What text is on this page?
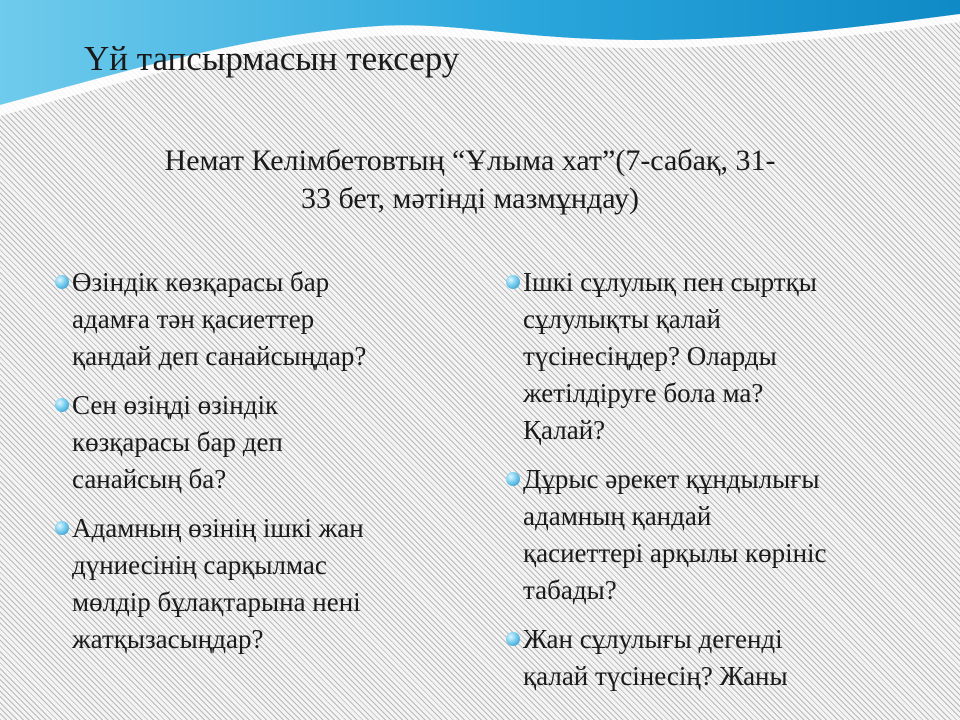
Үй тапсырмасын тексеру
Немат Келімбетовтың “Ұлыма хат”(7-сабақ, 31-
33 бет, мәтінді мазмұндау)
Өзіндік көзқарасы бар
адамға тән қасиеттер
қандай деп санайсыңдар?
Сен өзіңді өзіндік
көзқарасы бар деп
санайсың ба?
Адамның өзінің ішкі жан
дүниесінің сарқылмас
мөлдір бұлақтарына нені
жатқызасыңдар?
Ішкі сұлулық пен сыртқы
сұлулықты қалай
түсінесіңдер? Оларды
жетілдіруге бола ма?
Қалай?
Дұрыс әрекет құндылығы
адамның қандай
қасиеттері арқылы көрініс
табады?
Жан сұлулығы дегенді
қалай түсінесің? Жаны
